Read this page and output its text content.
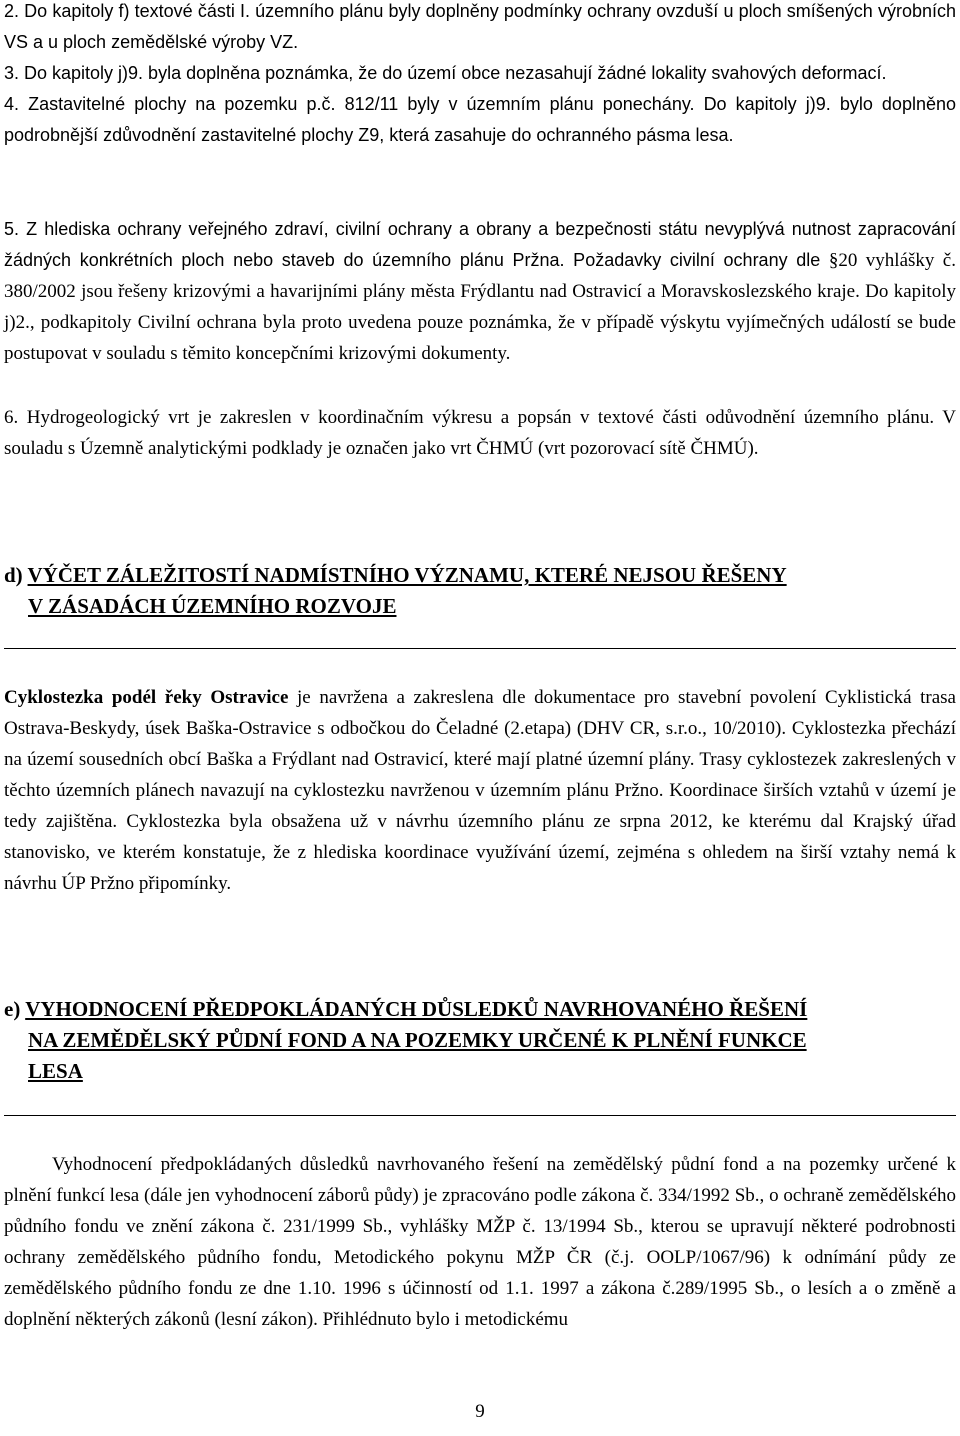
2. Do kapitoly f) textové části I. územního plánu byly doplněny podmínky ochrany ovzduší u ploch smíšených výrobních VS a u ploch zemědělské výroby VZ.

3. Do kapitoly j)9. byla doplněna poznámka, že do území obce nezasahují žádné lokality svahových deformací.

4. Zastavitelné plochy na pozemku p.č. 812/11 byly v územním plánu ponechány. Do kapitoly j)9. bylo doplněno podrobnější zdůvodnění zastavitelné plochy Z9, která zasahuje do ochranného pásma lesa.

5. Z hlediska ochrany veřejného zdraví, civilní ochrany a obrany a bezpečnosti státu nevyplývá nutnost zapracování žádných konkrétních ploch nebo staveb do územního plánu Pržna. Požadavky civilní ochrany dle §20 vyhlášky č. 380/2002 jsou řešeny krizovými a havarijními plány města Frýdlantu nad Ostravicí a Moravskoslezského kraje. Do kapitoly j)2., podkapitoly Civilní ochrana byla proto uvedena pouze poznámka, že v případě výskytu vyjímečných událostí se bude postupovat v souladu s těmito koncepčními krizovými dokumenty.

6. Hydrogeologický vrt je zakreslen v koordinačním výkresu a popsán v textové části odůvodnění územního plánu. V souladu s Územně analytickými podklady je označen jako vrt ČHMÚ (vrt pozorovací sítě ČHMÚ).

d) VÝČET ZÁLEŽITOSTÍ NADMÍSTNÍHO VÝZNAMU, KTERÉ NEJSOU ŘEŠENY
V ZÁSADÁCH ÚZEMNÍHO ROZVOJE

Cyklostezka podél řeky Ostravice je navržena a zakreslena dle dokumentace pro stavební povolení Cyklistická trasa Ostrava-Beskydy, úsek Baška-Ostravice s odbočkou do Čeladné (2.etapa) (DHV CR, s.r.o., 10/2010). Cyklostezka přechází na území sousedních obcí Baška a Frýdlant nad Ostravicí, které mají platné územní plány. Trasy cyklostezek zakreslených v těchto územních plánech navazují na cyklostezku navrženou v územním plánu Pržno. Koordinace širších vztahů v území je tedy zajištěna. Cyklostezka byla obsažena už v návrhu územního plánu ze srpna 2012, ke kterému dal Krajský úřad stanovisko, ve kterém konstatuje, že z hlediska koordinace využívání území, zejména s ohledem na širší vztahy nemá k návrhu ÚP Pržno připomínky.

e) VYHODNOCENÍ PŘEDPOKLÁDANÝCH DŮSLEDKŮ NAVRHOVANÉHO ŘEŠENÍ
NA ZEMĚDĚLSKÝ PŮDNÍ FOND A NA POZEMKY URČENÉ K PLNĚNÍ FUNKCE
LESA

Vyhodnocení předpokládaných důsledků navrhovaného řešení na zemědělský půdní fond a na pozemky určené k plnění funkcí lesa (dále jen vyhodnocení záborů půdy) je zpracováno podle zákona č. 334/1992 Sb., o ochraně zemědělského půdního fondu ve znění zákona č. 231/1999 Sb., vyhlášky MŽP č. 13/1994 Sb., kterou se upravují některé podrobnosti ochrany zemědělského půdního fondu, Metodického pokynu MŽP ČR (č.j. OOLP/1067/96) k odnímání půdy ze zemědělského půdního fondu ze dne 1.10. 1996 s účinností od 1.1. 1997 a zákona č.289/1995 Sb., o lesích a o změně a doplnění některých zákonů (lesní zákon). Přihlédnuto bylo i metodickému

9
